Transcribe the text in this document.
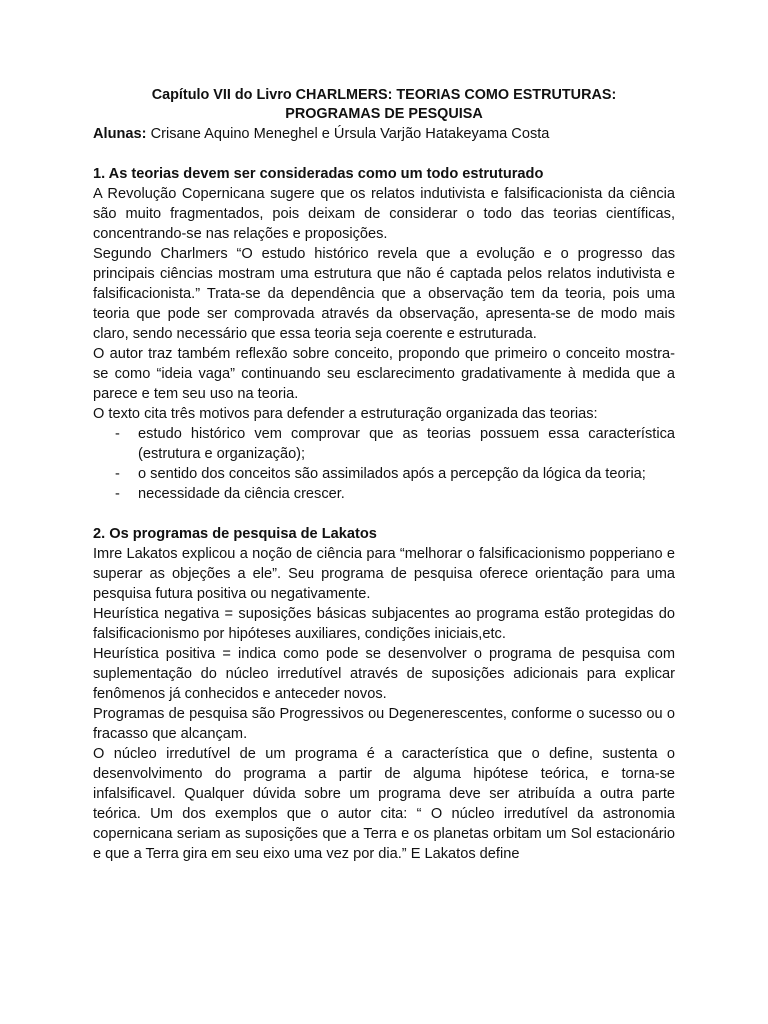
Capítulo VII do Livro CHARLMERS: TEORIAS COMO ESTRUTURAS:

PROGRAMAS DE PESQUISA

Alunas: Crisane Aquino Meneghel e Úrsula Varjão Hatakeyama Costa

1. As teorias devem ser consideradas como um todo estruturado

A Revolução Copernicana sugere que os relatos indutivista e falsificacionista da ciência são muito fragmentados, pois deixam de considerar o todo das teorias científicas, concentrando-se nas relações e proposições.

Segundo Charlmers “O estudo histórico revela que a evolução e o progresso das principais ciências mostram uma estrutura que não é captada pelos relatos indutivista e falsificacionista.” Trata-se da dependência que a observação tem da teoria, pois uma teoria que pode ser comprovada através da observação, apresenta-se de modo mais claro, sendo necessário que essa teoria seja coerente e estruturada.

O autor traz também reflexão sobre conceito, propondo que primeiro o conceito mostra-se como “ideia vaga” continuando seu esclarecimento gradativamente à medida que a parece e tem seu uso na teoria.

O texto cita três motivos para defender a estruturação organizada das teorias:

- estudo histórico vem comprovar que as teorias possuem essa característica (estrutura e organização);
- o sentido dos conceitos são assimilados após a percepção da lógica da teoria;
- necessidade da ciência crescer.
2. Os programas de pesquisa de Lakatos

Imre Lakatos explicou a noção de ciência para “melhorar o falsificacionismo popperiano e superar as objeções a ele”. Seu programa de pesquisa oferece orientação para uma pesquisa futura positiva ou negativamente.

Heurística negativa = suposições básicas subjacentes ao programa estão protegidas do falsificacionismo por hipóteses auxiliares, condições iniciais,etc.

Heurística positiva = indica como pode se desenvolver o programa de pesquisa com suplementação do núcleo irredutível através de suposições adicionais para explicar fenômenos já conhecidos e anteceder novos.

Programas de pesquisa são Progressivos ou Degenerescentes, conforme o sucesso ou o fracasso que alcançam.

O núcleo irredutível de um programa é a característica que o define, sustenta o desenvolvimento do programa a partir de alguma hipótese teórica, e torna-se infalsificavel. Qualquer dúvida sobre um programa deve ser atribuída a outra parte teórica. Um dos exemplos que o autor cita: “ O núcleo irredutível da astronomia copernicana seriam as suposições que a Terra e os planetas orbitam um Sol estacionário e que a Terra gira em seu eixo uma vez por dia.” E Lakatos define
